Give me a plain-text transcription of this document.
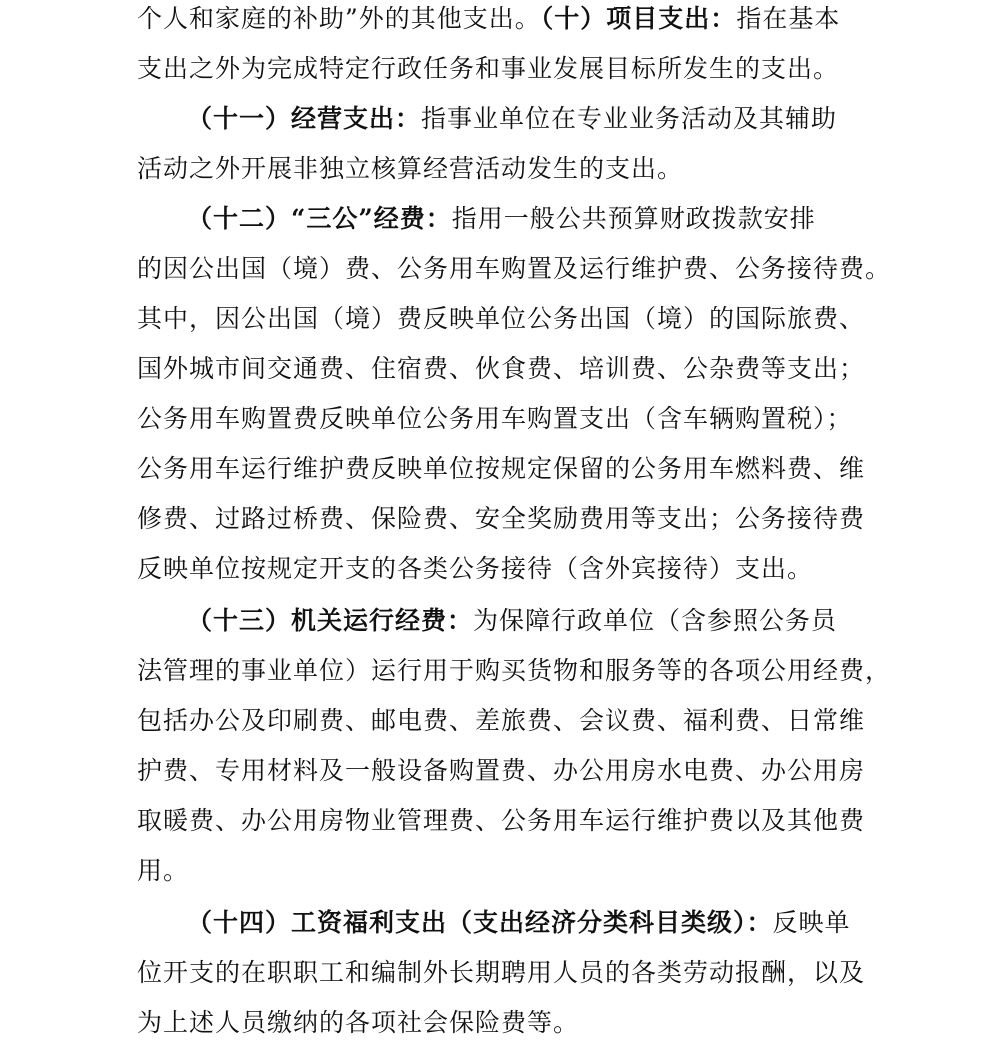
个人和家庭的补助”外的其他支出。（十）项目支出：指在基本
支出之外为完成特定行政任务和事业发展目标所发生的支出。
（十一）经营支出：指事业单位在专业业务活动及其辅助
活动之外开展非独立核算经营活动发生的支出。
（十二）“三公”经费：指用一般公共预算财政拨款安排
的因公出国（境）费、公务用车购置及运行维护费、公务接待费。
其中，因公出国（境）费反映单位公务出国（境）的国际旅费、
国外城市间交通费、住宿费、伙食费、培训费、公杂费等支出；
公务用车购置费反映单位公务用车购置支出（含车辆购置税）；
公务用车运行维护费反映单位按规定保留的公务用车燃料费、维
修费、过路过桥费、保险费、安全奖励费用等支出；公务接待费
反映单位按规定开支的各类公务接待（含外宾接待）支出。
（十三）机关运行经费：为保障行政单位（含参照公务员
法管理的事业单位）运行用于购买货物和服务等的各项公用经费，
包括办公及印刷费、邮电费、差旅费、会议费、福利费、日常维
护费、专用材料及一般设备购置费、办公用房水电费、办公用房
取暖费、办公用房物业管理费、公务用车运行维护费以及其他费
用。
（十四）工资福利支出（支出经济分类科目类级）：反映单
位开支的在职职工和编制外长期聘用人员的各类劳动报酬，以及
为上述人员缴纳的各项社会保险费等。
